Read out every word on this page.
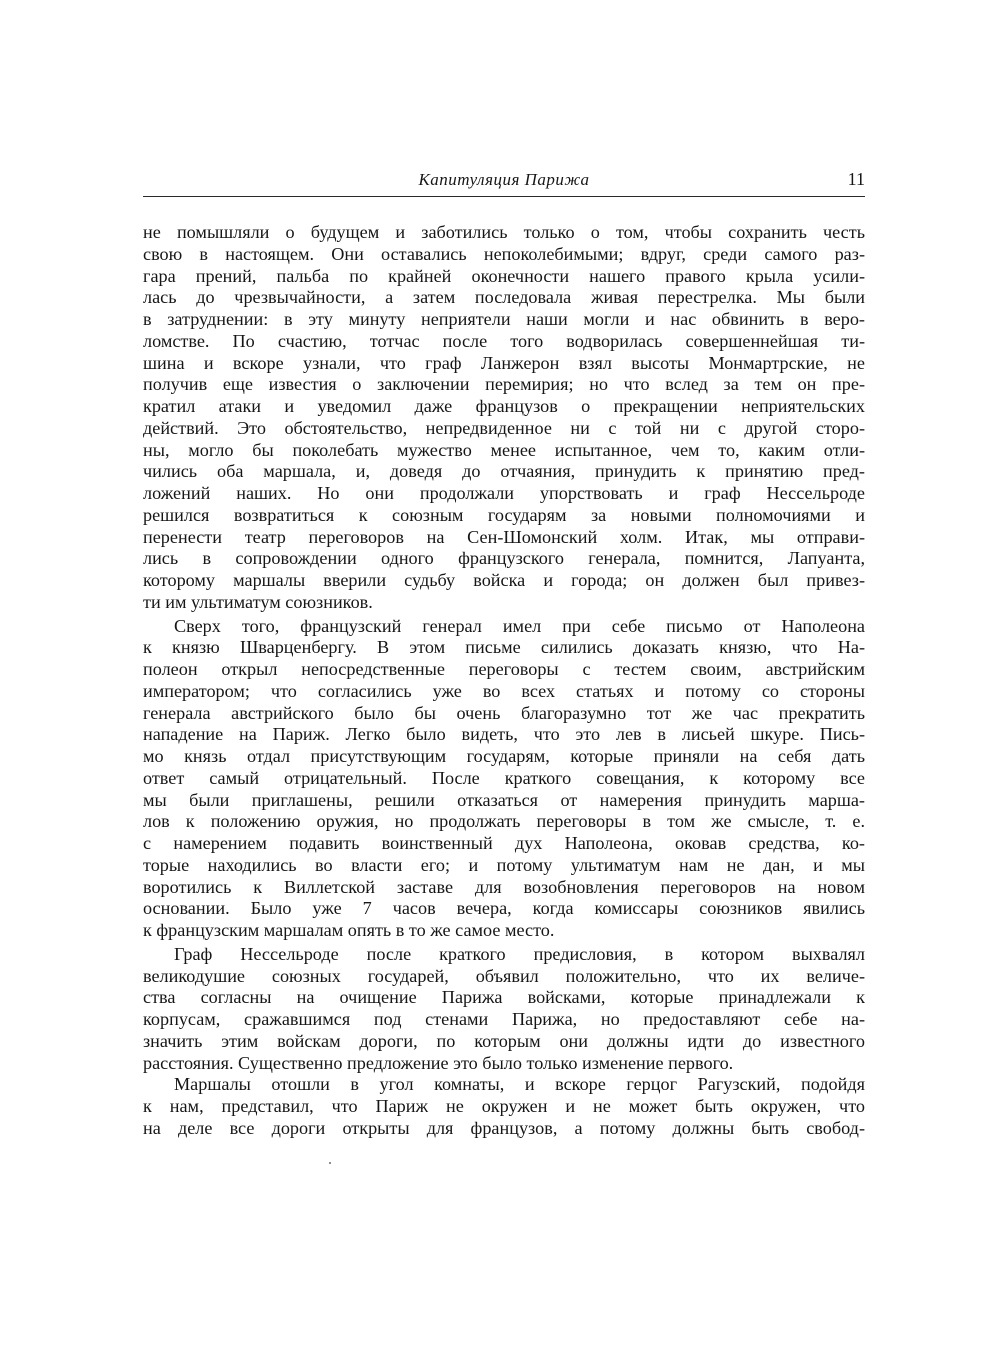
Капитуляция Парижа	11
не помышляли о будущем и заботились только о том, чтобы сохранить честь
свою в настоящем. Они оставались непоколебимыми; вдруг, среди самого раз-
гара прений, пальба по крайней оконечности нашего правого крыла усили-
лась до чрезвычайности, а затем последовала живая перестрелка. Мы были
в затруднении: в эту минуту неприятели наши могли и нас обвинить в веро-
ломстве. По счастию, тотчас после того водворилась совершеннейшая ти-
шина и вскоре узнали, что граф Ланжерон взял высоты Монмартрские, не
получив еще известия о заключении перемирия; но что вслед за тем он пре-
кратил атаки и уведомил даже французов о прекращении неприятельских
действий. Это обстоятельство, непредвиденное ни с той ни с другой сторо-
ны, могло бы поколебать мужество менее испытанное, чем то, каким отли-
чились оба маршала, и, доведя до отчаяния, принудить к принятию пред-
ложений наших. Но они продолжали упорствовать и граф Нессельроде
решился возвратиться к союзным государям за новыми полномочиями и
перенести театр переговоров на Сен-Шомонский холм. Итак, мы отправи-
лись в сопровождении одного французского генерала, помнится, Лапуанта,
которому маршалы вверили судьбу войска и города; он должен был привез-
ти им ультиматум союзников.
Сверх того, французский генерал имел при себе письмо от Наполеона
к князю Шварценбергу. В этом письме силились доказать князю, что На-
полеон открыл непосредственные переговоры с тестем своим, австрийским
императором; что согласились уже во всех статьях и потому со стороны
генерала австрийского было бы очень благоразумно тот же час прекратить
нападение на Париж. Легко было видеть, что это лев в лисьей шкуре. Пись-
мо князь отдал присутствующим государям, которые приняли на себя дать
ответ самый отрицательный. После краткого совещания, к которому все
мы были приглашены, решили отказаться от намерения принудить марша-
лов к положению оружия, но продолжать переговоры в том же смысле, т. е.
с намерением подавить воинственный дух Наполеона, оковав средства, ко-
торые находились во власти его; и потому ультиматум нам не дан, и мы
воротились к Виллетской заставе для возобновления переговоров на новом
основании. Было уже 7 часов вечера, когда комиссары союзников явились
к французским маршалам опять в то же самое место.
Граф Нессельроде после краткого предисловия, в котором выхвалял
великодушие союзных государей, объявил положительно, что их величе-
ства согласны на очищение Парижа войсками, которые принадлежали к
корпусам, сражавшимся под стенами Парижа, но предоставляют себе на-
значить этим войскам дороги, по которым они должны идти до известного
расстояния. Существенно предложение это было только изменение первого.
Маршалы отошли в угол комнаты, и вскоре герцог Рагузский, подойдя
к нам, представил, что Париж не окружен и не может быть окружен, что
на деле все дороги открыты для французов, а потому должны быть свобод-
